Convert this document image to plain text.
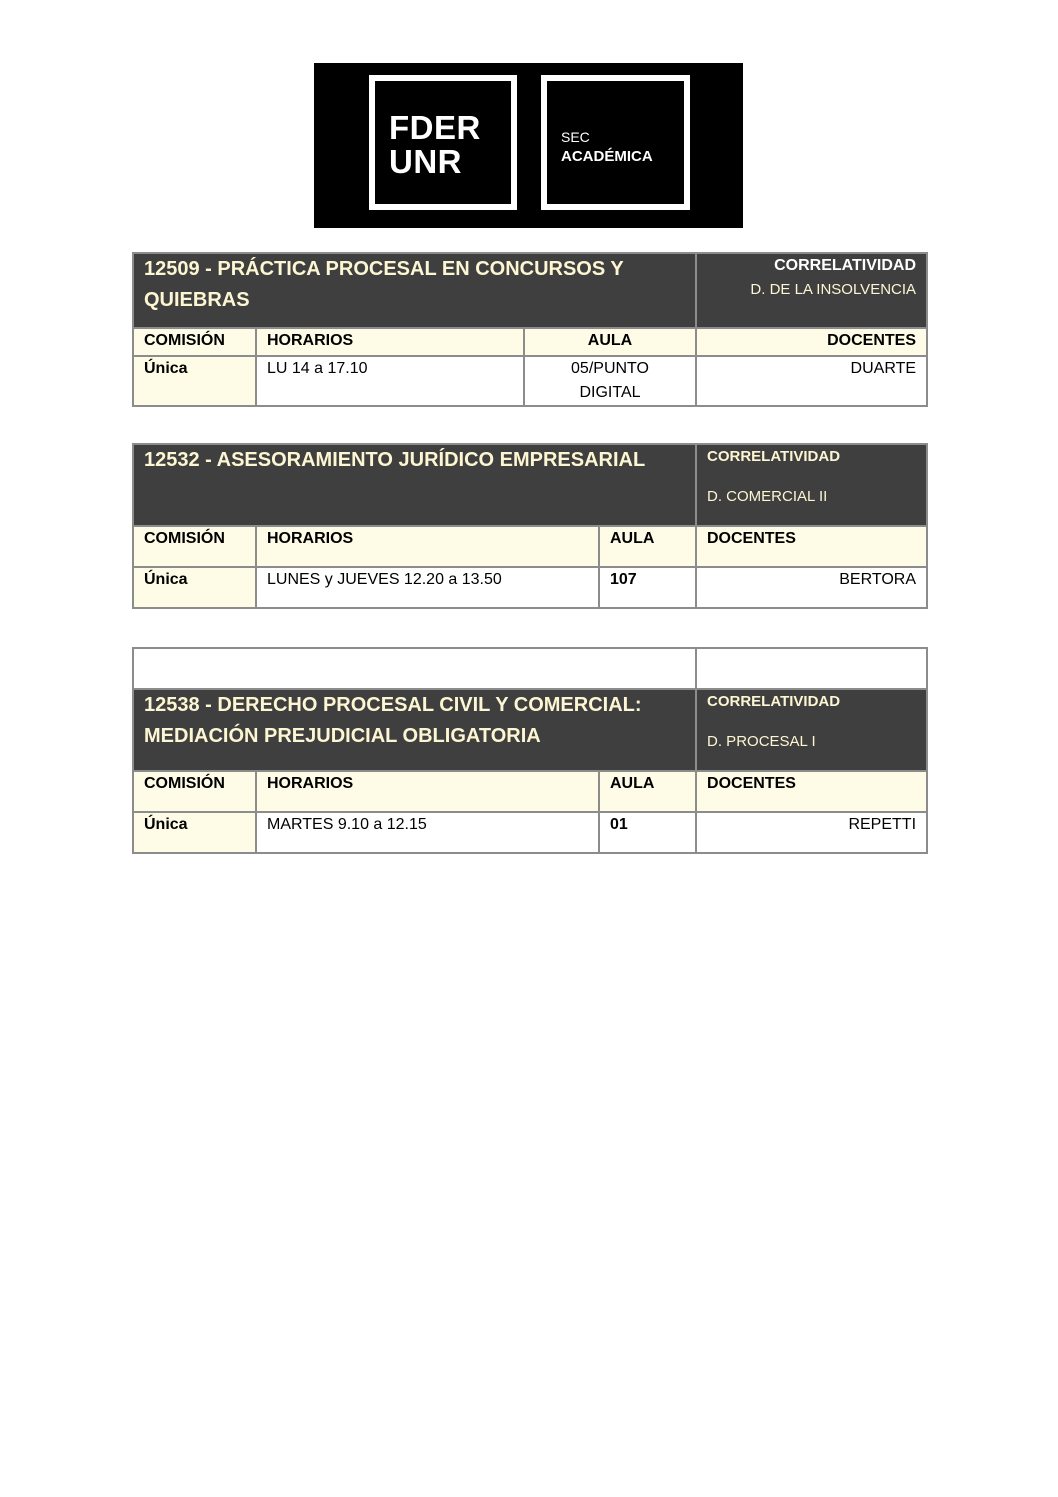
FDER
UNR
SEC
ACADÉMICA
12509 - PRÁCTICA PROCESAL EN CONCURSOS Y QUIEBRAS			CORRELATIVIDAD
D. DE LA INSOLVENCIA

COMISIÓN	HORARIOS	AULA	DOCENTES
Única	LU 14 a 17.10	05/PUNTO DIGITAL	DUARTE
12532 - ASESORAMIENTO JURÍDICO EMPRESARIAL			CORRELATIVIDAD
D. COMERCIAL II

COMISIÓN	HORARIOS	AULA	DOCENTES
Única	LUNES y JUEVES 12.20 a 13.50	107	BERTORA

12538 - DERECHO PROCESAL CIVIL Y COMERCIAL: MEDIACIÓN PREJUDICIAL OBLIGATORIA			CORRELATIVIDAD
D. PROCESAL I

COMISIÓN	HORARIOS	AULA	DOCENTES
Única	MARTES 9.10 a 12.15	01	REPETTI
